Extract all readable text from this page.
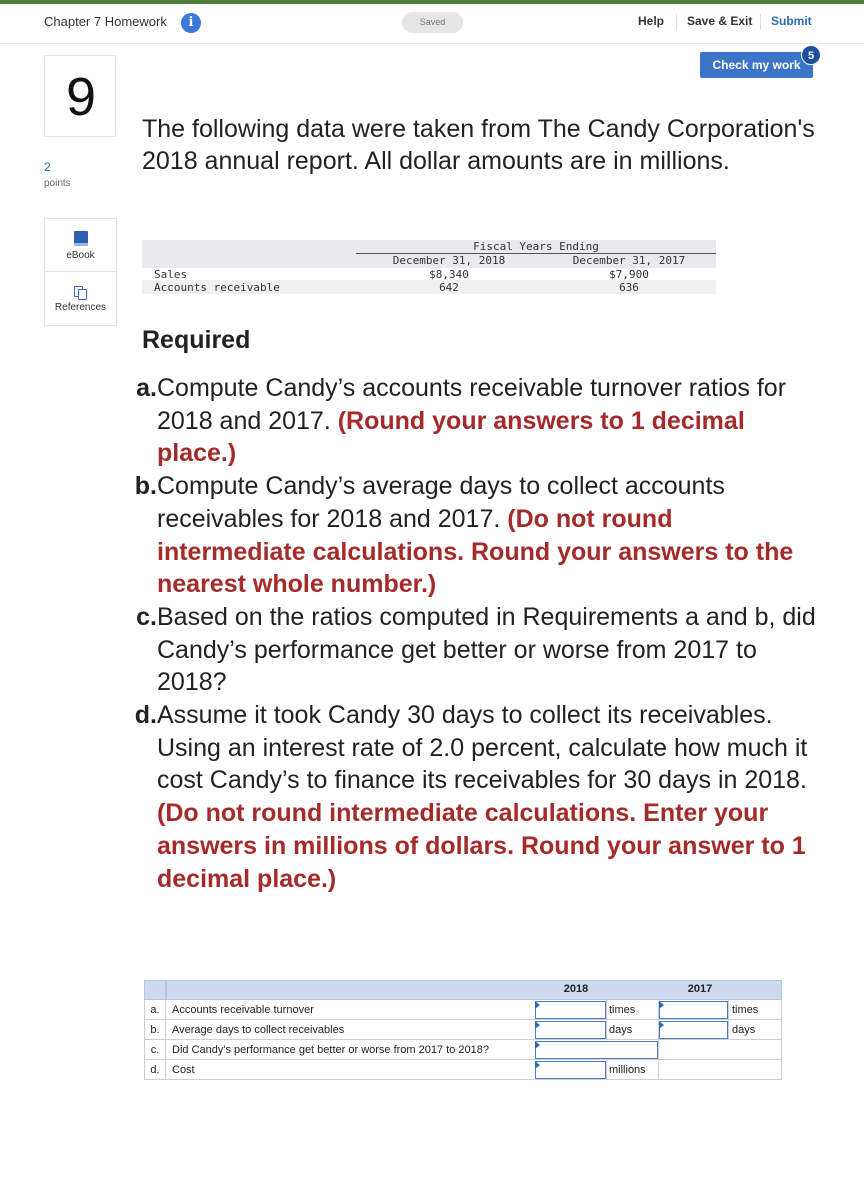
Chapter 7 Homework	i	Saved	Help Save & Exit Submit
Check my work
5
9
2
points
eBook
References
The following data were taken from The Candy Corporation's 2018 annual report. All dollar amounts are in millions.
Fiscal Years Ending
December 31, 2018	December 31, 2017
Sales	$8,340	$7,900
Accounts receivable	642	636
Required
a. Compute Candy’s accounts receivable turnover ratios for 2018 and 2017. (Round your answers to 1 decimal place.)
b. Compute Candy’s average days to collect accounts receivables for 2018 and 2017. (Do not round intermediate calculations. Round your answers to the nearest whole number.)
c. Based on the ratios computed in Requirements a and b, did Candy’s performance get better or worse from 2017 to 2018?
d. Assume it took Candy 30 days to collect its receivables. Using an interest rate of 2.0 percent, calculate how much it cost Candy’s to finance its receivables for 30 days in 2018. (Do not round intermediate calculations. Enter your answers in millions of dollars. Round your answer to 1 decimal place.)
2018	2017
a.	Accounts receivable turnover	times	times
b.	Average days to collect receivables	days	days
c.	Did Candy's performance get better or worse from 2017 to 2018?
d.	Cost	millions
